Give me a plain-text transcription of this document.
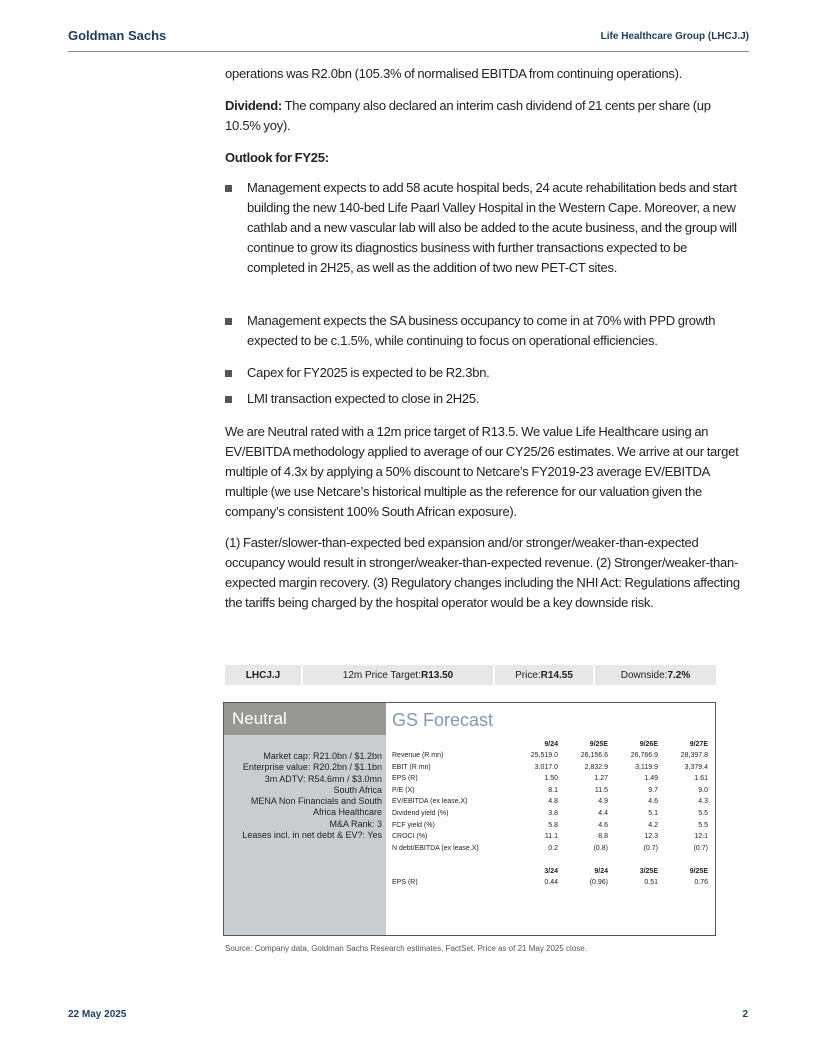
Goldman Sachs	Life Healthcare Group (LHCJ.J)

operations was R2.0bn (105.3% of normalised EBITDA from continuing operations).

Dividend: The company also declared an interim cash dividend of 21 cents per share (up 10.5% yoy).

Outlook for FY25:

Management expects to add 58 acute hospital beds, 24 acute rehabilitation beds and start building the new 140-bed Life Paarl Valley Hospital in the Western Cape. Moreover, a new cathlab and a new vascular lab will also be added to the acute business, and the group will continue to grow its diagnostics business with further transactions expected to be completed in 2H25, as well as the addition of two new PET-CT sites.
Management expects the SA business occupancy to come in at 70% with PPD growth expected to be c.1.5%, while continuing to focus on operational efficiencies.
Capex for FY2025 is expected to be R2.3bn.
LMI transaction expected to close in 2H25.

We are Neutral rated with a 12m price target of R13.5. We value Life Healthcare using an EV/EBITDA methodology applied to average of our CY25/26 estimates. We arrive at our target multiple of 4.3x by applying a 50% discount to Netcare’s FY2019-23 average EV/EBITDA multiple (we use Netcare’s historical multiple as the reference for our valuation given the company’s consistent 100% South African exposure).

(1) Faster/slower-than-expected bed expansion and/or stronger/weaker-than-expected occupancy would result in stronger/weaker-than-expected revenue. (2) Stronger/weaker-than-expected margin recovery. (3) Regulatory changes including the NHI Act: Regulations affecting the tariffs being charged by the hospital operator would be a key downside risk.

LHCJ.J	12m Price Target: R13.50	Price: R14.55	Downside: 7.2%
Neutral
Market cap: R21.0bn / $1.2bn
Enterprise value: R20.2bn / $1.1bn
3m ADTV: R54.6mn / $3.0mn
South Africa
MENA Non Financials and South Africa Healthcare
M&A Rank: 3
Leases incl. in net debt & EV?: Yes
GS Forecast
	9/24	9/25E	9/26E	9/27E
Revenue (R mn)	25,519.0	26,156.6	26,766.9	28,397.8
EBIT (R mn)	3,017.0	2,832.9	3,119.9	3,379.4
EPS (R)	1.50	1.27	1.49	1.61
P/E (X)	8.1	11.5	9.7	9.0
EV/EBITDA (ex lease,X)	4.8	4.9	4.6	4.3
Dividend yield (%)	3.8	4.4	5.1	5.5
FCF yield (%)	5.8	4.6	4.2	5.5
CROCI (%)	11.1	8.8	12.3	12.1
N debt/EBITDA (ex lease,X)	0.2	(0.8)	(0.7)	(0.7)

	3/24	9/24	3/25E	9/25E
EPS (R)	0.44	(0.96)	0.51	0.76
Source: Company data, Goldman Sachs Research estimates, FactSet. Price as of 21 May 2025 close.
22 May 2025	2
